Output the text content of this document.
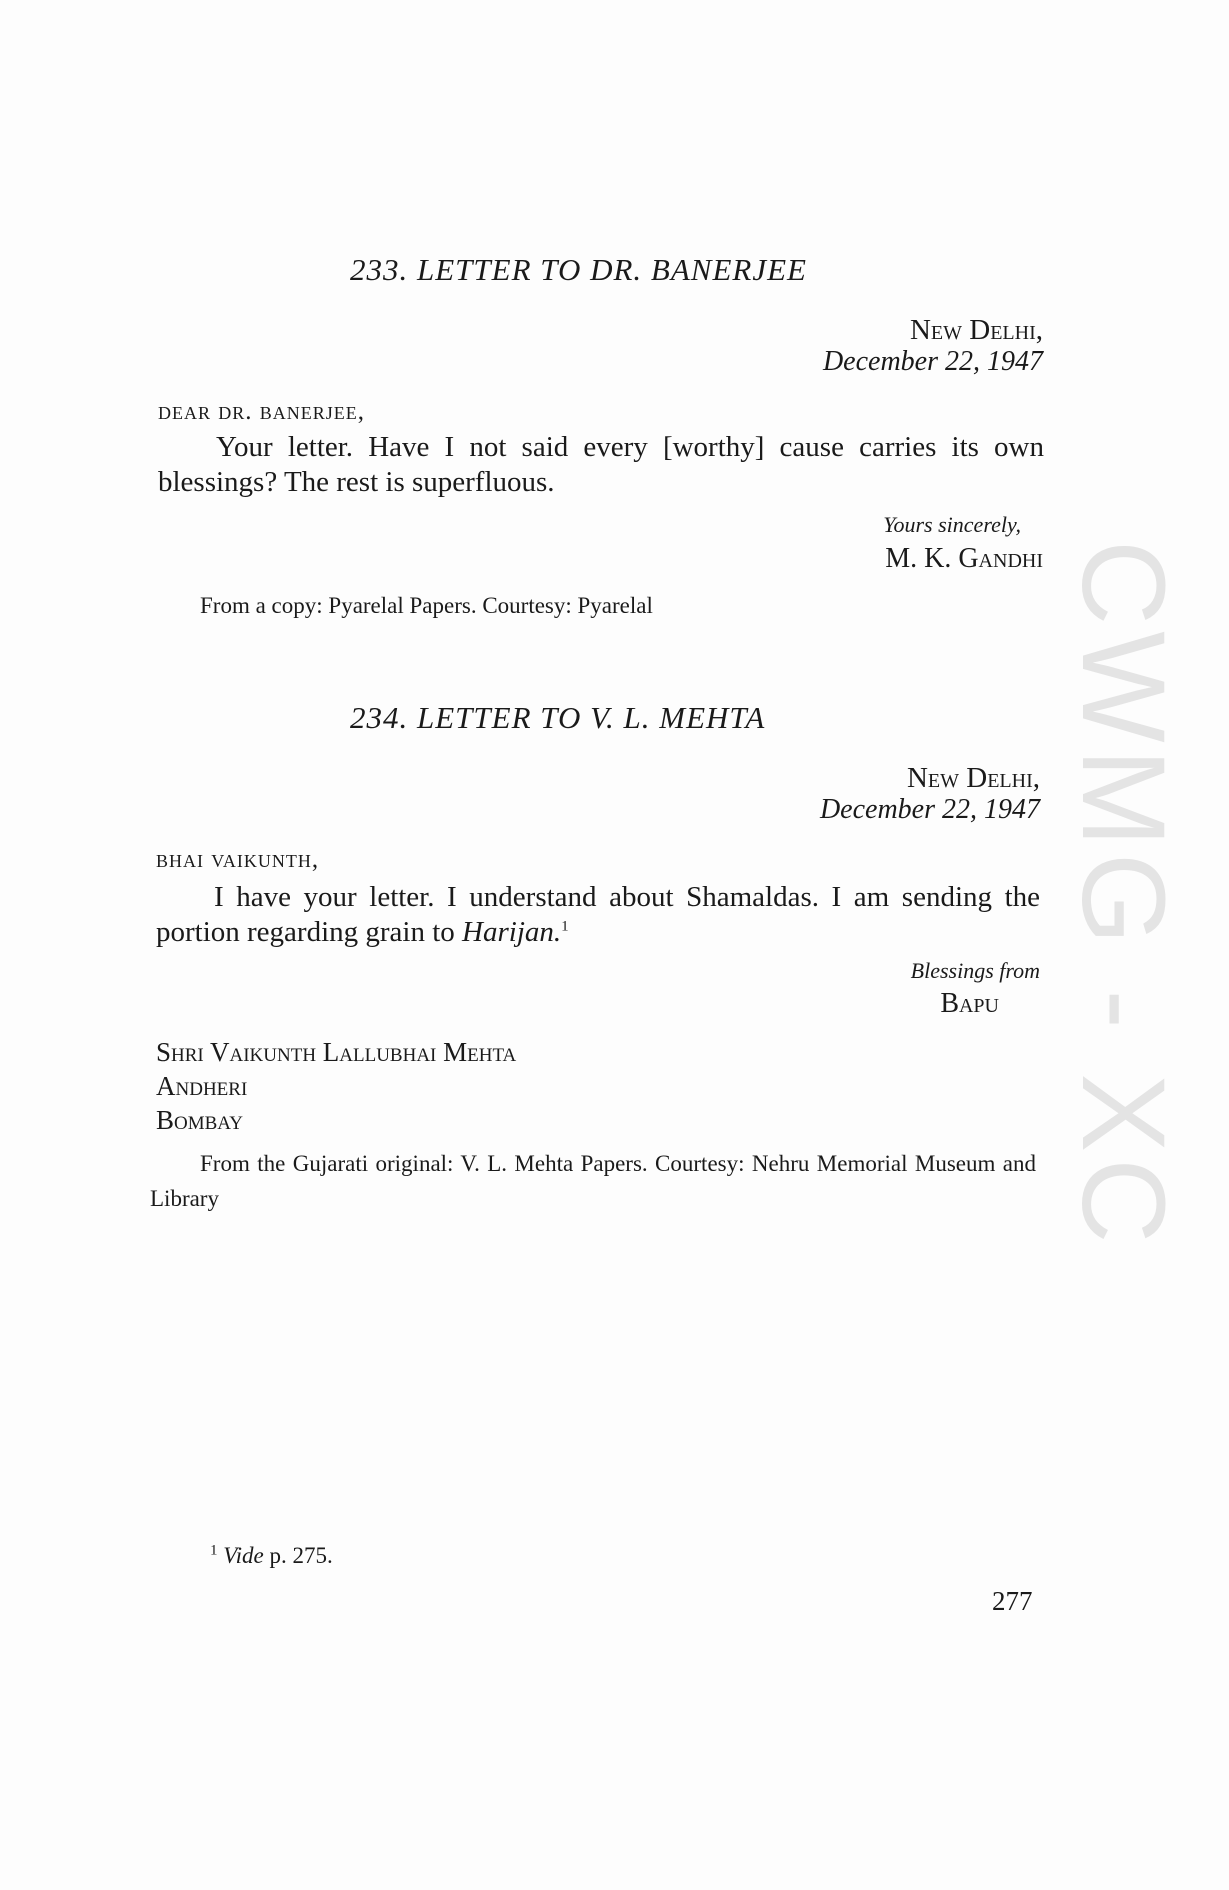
CWMG - XC
233. LETTER TO DR. BANERJEE
New Delhi,
December 22, 1947
dear dr. banerjee,
Your letter. Have I not said every [worthy] cause carries its own blessings? The rest is superfluous.
Yours sincerely,
M. K. Gandhi
From a copy: Pyarelal Papers. Courtesy: Pyarelal
234. LETTER TO V. L. MEHTA
New Delhi,
December 22, 1947
bhai vaikunth,
I have your letter. I understand about Shamaldas. I am sending the portion regarding grain to Harijan.$^1$
Blessings from
Bapu
Shri Vaikunth Lallubhai Mehta
Andheri
Bombay
From the Gujarati original: V. L. Mehta Papers. Courtesy: Nehru Memorial Museum and Library
$^1$ Vide p. 275.
277
